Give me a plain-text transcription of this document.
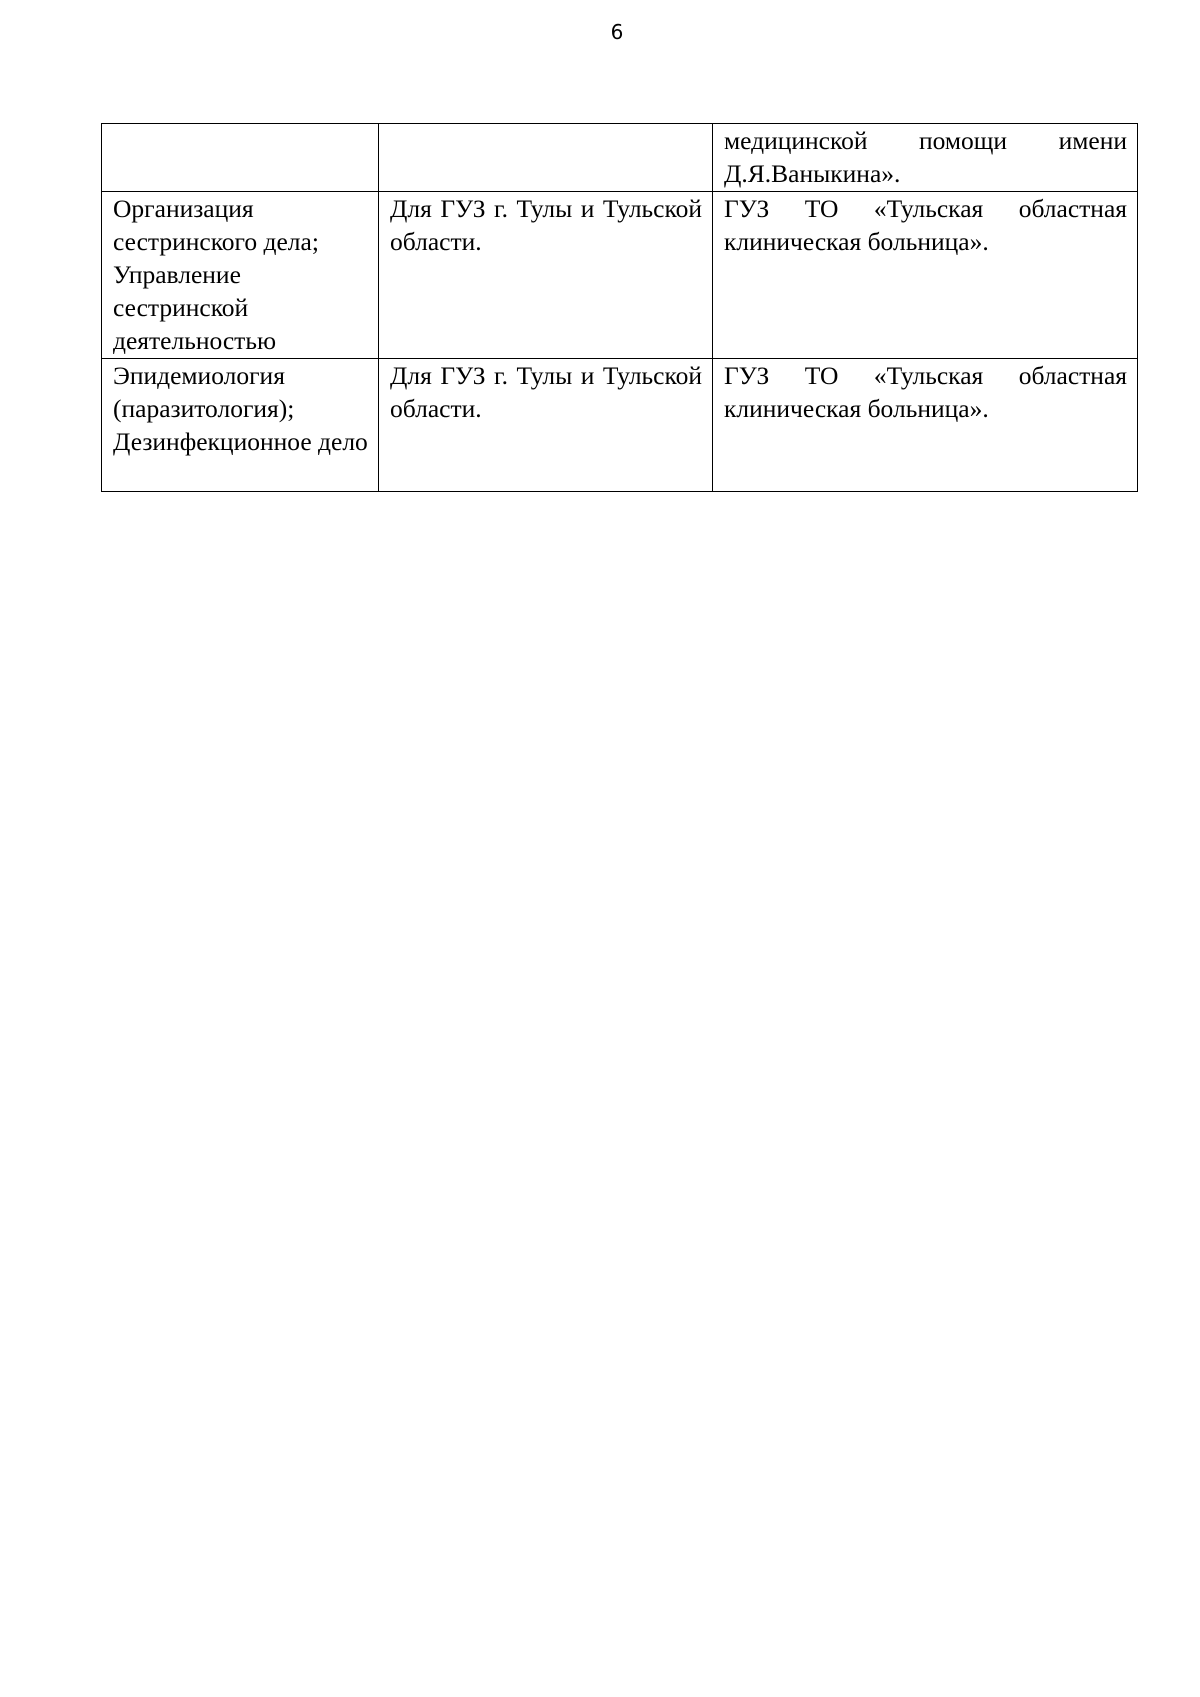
6
		медицинской помощи имени Д.Я.Ваныкина».
Организация сестринского дела; Управление сестринской деятельностью	Для ГУЗ г. Тулы и Тульской области.	ГУЗ ТО «Тульская областная клиническая больница».
Эпидемиология (паразитология); Дезинфекционное дело	Для ГУЗ г. Тулы и Тульской области.	ГУЗ ТО «Тульская областная клиническая больница».
